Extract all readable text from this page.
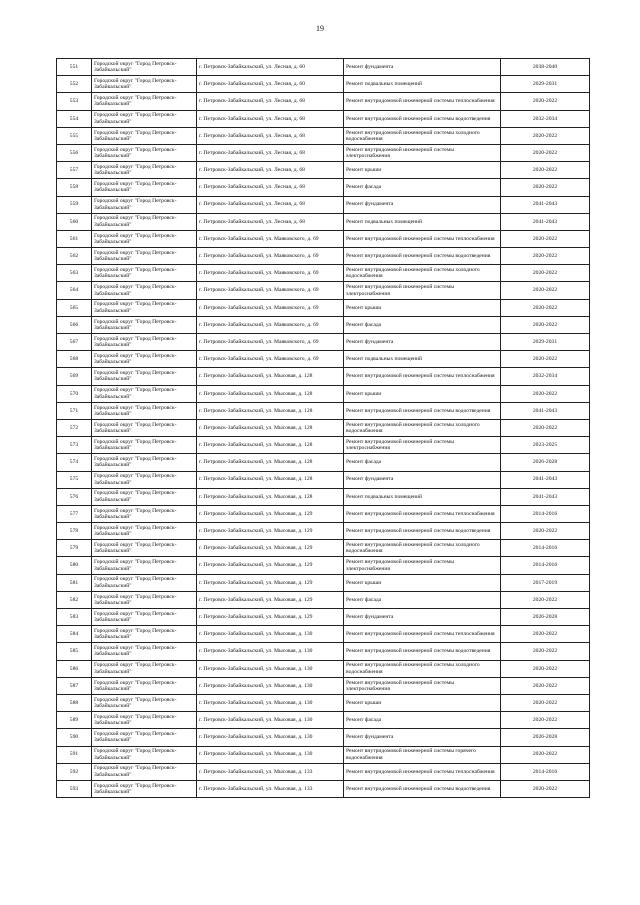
19
551	Городской округ "Город Петровск-Забайкальский"	г. Петровск-Забайкальский, ул. Лесная, д. 60	Ремонт фундамента	2038-2040
552	Городской округ "Город Петровск-Забайкальский"	г. Петровск-Забайкальский, ул. Лесная, д. 60	Ремонт подвальных помещений	2029-2031
553	Городской округ "Город Петровск-Забайкальский"	г. Петровск-Забайкальский, ул. Лесная, д. 68	Ремонт внутридомовой инженерной системы теплоснабжения	2020-2022
554	Городской округ "Город Петровск-Забайкальский"	г. Петровск-Забайкальский, ул. Лесная, д. 68	Ремонт внутридомовой инженерной системы водоотведения	2032-2034
555	Городской округ "Город Петровск-Забайкальский"	г. Петровск-Забайкальский, ул. Лесная, д. 68	Ремонт внутридомовой инженерной системы холодного водоснабжения	2020-2022
556	Городской округ "Город Петровск-Забайкальский"	г. Петровск-Забайкальский, ул. Лесная, д. 68	Ремонт внутридомовой инженерной системы электроснабжения	2020-2022
557	Городской округ "Город Петровск-Забайкальский"	г. Петровск-Забайкальский, ул. Лесная, д. 68	Ремонт крыши	2020-2022
558	Городской округ "Город Петровск-Забайкальский"	г. Петровск-Забайкальский, ул. Лесная, д. 68	Ремонт фасада	2020-2022
559	Городской округ "Город Петровск-Забайкальский"	г. Петровск-Забайкальский, ул. Лесная, д. 68	Ремонт фундамента	2041-2043
560	Городской округ "Город Петровск-Забайкальский"	г. Петровск-Забайкальский, ул. Лесная, д. 68	Ремонт подвальных помещений	2041-2043
561	Городской округ "Город Петровск-Забайкальский"	г. Петровск-Забайкальский, ул. Маяковского, д. 69	Ремонт внутридомовой инженерной системы теплоснабжения	2020-2022
562	Городской округ "Город Петровск-Забайкальский"	г. Петровск-Забайкальский, ул. Маяковского, д. 69	Ремонт внутридомовой инженерной системы водоотведения	2020-2022
563	Городской округ "Город Петровск-Забайкальский"	г. Петровск-Забайкальский, ул. Маяковского, д. 69	Ремонт внутридомовой инженерной системы холодного водоснабжения	2020-2022
564	Городской округ "Город Петровск-Забайкальский"	г. Петровск-Забайкальский, ул. Маяковского, д. 69	Ремонт внутридомовой инженерной системы электроснабжения	2020-2022
565	Городской округ "Город Петровск-Забайкальский"	г. Петровск-Забайкальский, ул. Маяковского, д. 69	Ремонт крыши	2020-2022
566	Городской округ "Город Петровск-Забайкальский"	г. Петровск-Забайкальский, ул. Маяковского, д. 69	Ремонт фасада	2020-2022
567	Городской округ "Город Петровск-Забайкальский"	г. Петровск-Забайкальский, ул. Маяковского, д. 69	Ремонт фундамента	2029-2031
568	Городской округ "Город Петровск-Забайкальский"	г. Петровск-Забайкальский, ул. Маяковского, д. 69	Ремонт подвальных помещений	2020-2022
569	Городской округ "Город Петровск-Забайкальский"	г. Петровск-Забайкальский, ул. Мысовая, д. 128	Ремонт внутридомовой инженерной системы теплоснабжения	2032-2034
570	Городской округ "Город Петровск-Забайкальский"	г. Петровск-Забайкальский, ул. Мысовая, д. 128	Ремонт крыши	2020-2022
571	Городской округ "Город Петровск-Забайкальский"	г. Петровск-Забайкальский, ул. Мысовая, д. 128	Ремонт внутридомовой инженерной системы водоотведения	2041-2043
572	Городской округ "Город Петровск-Забайкальский"	г. Петровск-Забайкальский, ул. Мысовая, д. 128	Ремонт внутридомовой инженерной системы холодного водоснабжения	2020-2022
573	Городской округ "Город Петровск-Забайкальский"	г. Петровск-Забайкальский, ул. Мысовая, д. 128	Ремонт внутридомовой инженерной системы электроснабжения	2023-2025
574	Городской округ "Город Петровск-Забайкальский"	г. Петровск-Забайкальский, ул. Мысовая, д. 128	Ремонт фасада	2026-2028
575	Городской округ "Город Петровск-Забайкальский"	г. Петровск-Забайкальский, ул. Мысовая, д. 128	Ремонт фундамента	2041-2043
576	Городской округ "Город Петровск-Забайкальский"	г. Петровск-Забайкальский, ул. Мысовая, д. 128	Ремонт подвальных помещений	2041-2043
577	Городской округ "Город Петровск-Забайкальский"	г. Петровск-Забайкальский, ул. Мысовая, д. 129	Ремонт внутридомовой инженерной системы теплоснабжения	2014-2016
578	Городской округ "Город Петровск-Забайкальский"	г. Петровск-Забайкальский, ул. Мысовая, д. 129	Ремонт внутридомовой инженерной системы водоотведения	2020-2022
579	Городской округ "Город Петровск-Забайкальский"	г. Петровск-Забайкальский, ул. Мысовая, д. 129	Ремонт внутридомовой инженерной системы холодного водоснабжения	2014-2016
580	Городской округ "Город Петровск-Забайкальский"	г. Петровск-Забайкальский, ул. Мысовая, д. 129	Ремонт внутридомовой инженерной системы электроснабжения	2014-2016
581	Городской округ "Город Петровск-Забайкальский"	г. Петровск-Забайкальский, ул. Мысовая, д. 129	Ремонт крыши	2017-2019
582	Городской округ "Город Петровск-Забайкальский"	г. Петровск-Забайкальский, ул. Мысовая, д. 129	Ремонт фасада	2020-2022
583	Городской округ "Город Петровск-Забайкальский"	г. Петровск-Забайкальский, ул. Мысовая, д. 129	Ремонт фундамента	2026-2028
584	Городской округ "Город Петровск-Забайкальский"	г. Петровск-Забайкальский, ул. Мысовая, д. 130	Ремонт внутридомовой инженерной системы теплоснабжения	2020-2022
585	Городской округ "Город Петровск-Забайкальский"	г. Петровск-Забайкальский, ул. Мысовая, д. 130	Ремонт внутридомовой инженерной системы водоотведения	2020-2022
586	Городской округ "Город Петровск-Забайкальский"	г. Петровск-Забайкальский, ул. Мысовая, д. 130	Ремонт внутридомовой инженерной системы холодного водоснабжения	2020-2022
587	Городской округ "Город Петровск-Забайкальский"	г. Петровск-Забайкальский, ул. Мысовая, д. 130	Ремонт внутридомовой инженерной системы электроснабжения	2020-2022
588	Городской округ "Город Петровск-Забайкальский"	г. Петровск-Забайкальский, ул. Мысовая, д. 130	Ремонт крыши	2020-2022
589	Городской округ "Город Петровск-Забайкальский"	г. Петровск-Забайкальский, ул. Мысовая, д. 130	Ремонт фасада	2020-2022
590	Городской округ "Город Петровск-Забайкальский"	г. Петровск-Забайкальский, ул. Мысовая, д. 130	Ремонт фундамента	2026-2028
591	Городской округ "Город Петровск-Забайкальский"	г. Петровск-Забайкальский, ул. Мысовая, д. 130	Ремонт внутридомовой инженерной системы горячего водоснабжения	2020-2022
592	Городской округ "Город Петровск-Забайкальский"	г. Петровск-Забайкальский, ул. Мысовая, д. 133	Ремонт внутридомовой инженерной системы теплоснабжения	2014-2016
593	Городской округ "Город Петровск-Забайкальский"	г. Петровск-Забайкальский, ул. Мысовая, д. 133	Ремонт внутридомовой инженерной системы водоотведения	2020-2022
